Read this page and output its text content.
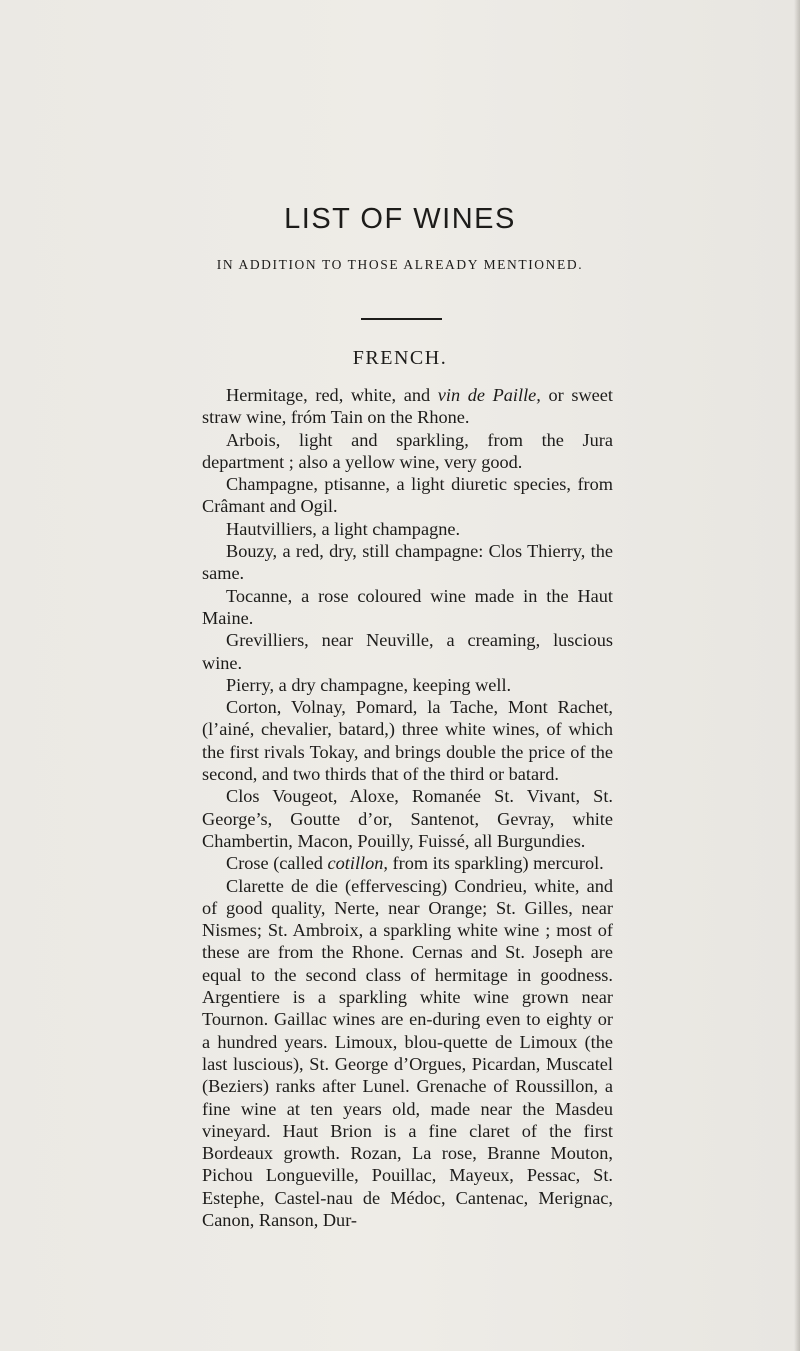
LIST OF WINES
IN ADDITION TO THOSE ALREADY MENTIONED.
FRENCH.

Hermitage, red, white, and vin de Paille, or sweet straw wine, fróm Tain on the Rhone.

Arbois, light and sparkling, from the Jura department ; also a yellow wine, very good.

Champagne, ptisanne, a light diuretic species, from Crâmant and Ogil.

Hautvilliers, a light champagne.

Bouzy, a red, dry, still champagne: Clos Thierry, the same.

Tocanne, a rose coloured wine made in the Haut Maine.

Grevilliers, near Neuville, a creaming, luscious wine.

Pierry, a dry champagne, keeping well.

Corton, Volnay, Pomard, la Tache, Mont Rachet, (l’ainé, chevalier, batard,) three white wines, of which the first rivals Tokay, and brings double the price of the second, and two thirds that of the third or batard.

Clos Vougeot, Aloxe, Romanée St. Vivant, St. George’s, Goutte d’or, Santenot, Gevray, white Chambertin, Macon, Pouilly, Fuissé, all Burgundies.

Crose (called cotillon, from its sparkling) mercurol.

Clarette de die (effervescing) Condrieu, white, and of good quality, Nerte, near Orange; St. Gilles, near Nismes; St. Ambroix, a sparkling white wine ; most of these are from the Rhone. Cernas and St. Joseph are equal to the second class of hermitage in goodness. Argentiere is a sparkling white wine grown near Tournon. Gaillac wines are en-during even to eighty or a hundred years. Limoux, blou-quette de Limoux (the last luscious), St. George d’Orgues, Picardan, Muscatel (Beziers) ranks after Lunel. Grenache of Roussillon, a fine wine at ten years old, made near the Masdeu vineyard. Haut Brion is a fine claret of the first Bordeaux growth. Rozan, La rose, Branne Mouton, Pichou Longueville, Pouillac, Mayeux, Pessac, St. Estephe, Castel-nau de Médoc, Cantenac, Merignac, Canon, Ranson, Dur-
